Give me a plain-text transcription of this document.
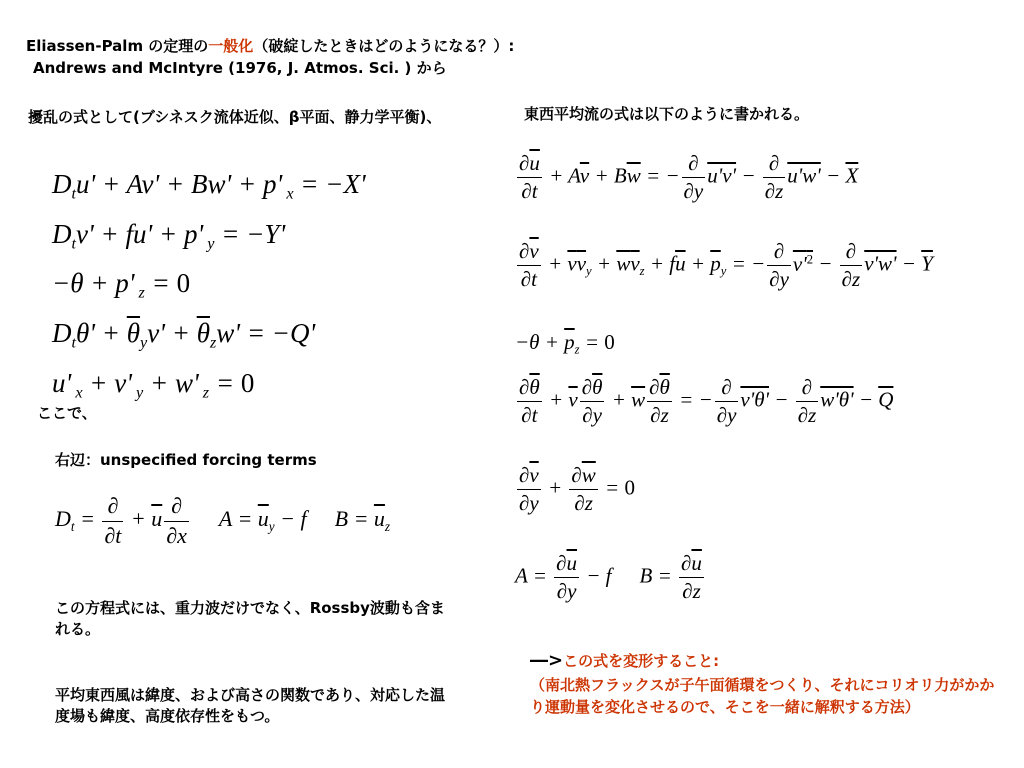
Eliassen-Palm の定理の一般化（破綻したときはどのようになる？）:
Andrews and McIntyre (1976, J. Atmos. Sci. ) から
擾乱の式として(ブシネスク流体近似、β平面、静力学平衡)、
$D_tu' + Av' + Bw' + p'$ $_x$ = −X'
$D_tv' + fu' + p'$ $_y$ = −Y'
−θ + p' $_z$ = 0
$D_t\theta' + \overline{\theta}_yv' + \overline{\theta}_zw' = -Q'$
u' $_x$ + v' $_y$ + w' $_z$ = 0
ここで、
右辺：unspecified forcing terms
$D_t = \frac{\partial}{\partial t} + \overline{u} \frac{\partial}{\partial x}$ $A = \overline{u}_y - f$ $B = \overline{u}_z$
この方程式には、重力波だけでなく、Rossby波動も含まれる。
平均東西風は緯度、および高さの関数であり、対応した温度場も緯度、高度依存性をもつ。
東西平均流の式は以下のように書かれる。
$\frac{\partial\overline{u}}{\partial t} + A\overline{v} + B\overline{w}$ = − $\frac{\partial}{\partial y} u'v' - \frac{\partial}{\partial z} u'w' - \overline{X}$
$\frac{\partial\overline{v}}{\partial t} + \overline{v}\overline{v}_y + \overline{w}\overline{v}_z + f\overline{u} + \overline{p}_y$ = − $\frac{\partial}{\partial y} v'^2 - \frac{\partial}{\partial z} v'w' - \overline{Y}$
$-\theta + \overline{p}_z = 0$
$\frac{\partial\overline{\theta}}{\partial t} + \overline{v} \frac{\partial\overline{\theta}}{\partial y} + \overline{w} \frac{\partial\overline{\theta}}{\partial z}$ = − $\frac{\partial}{\partial y} v'\theta' - \frac{\partial}{\partial z} w'\theta' - \overline{Q}$
$\frac{\partial\overline{v}}{\partial y} + \frac{\partial\overline{w}}{\partial z} = 0$
$A = \frac{\partial\overline{u}}{\partial y} - f$ $B = \frac{\partial\overline{u}}{\partial z}$
―>この式を変形すること:
（南北熱フラックスが子午面循環をつくり、それにコリオリ力がかかり運動量を変化させるので、そこを一緒に解釈する方法）
